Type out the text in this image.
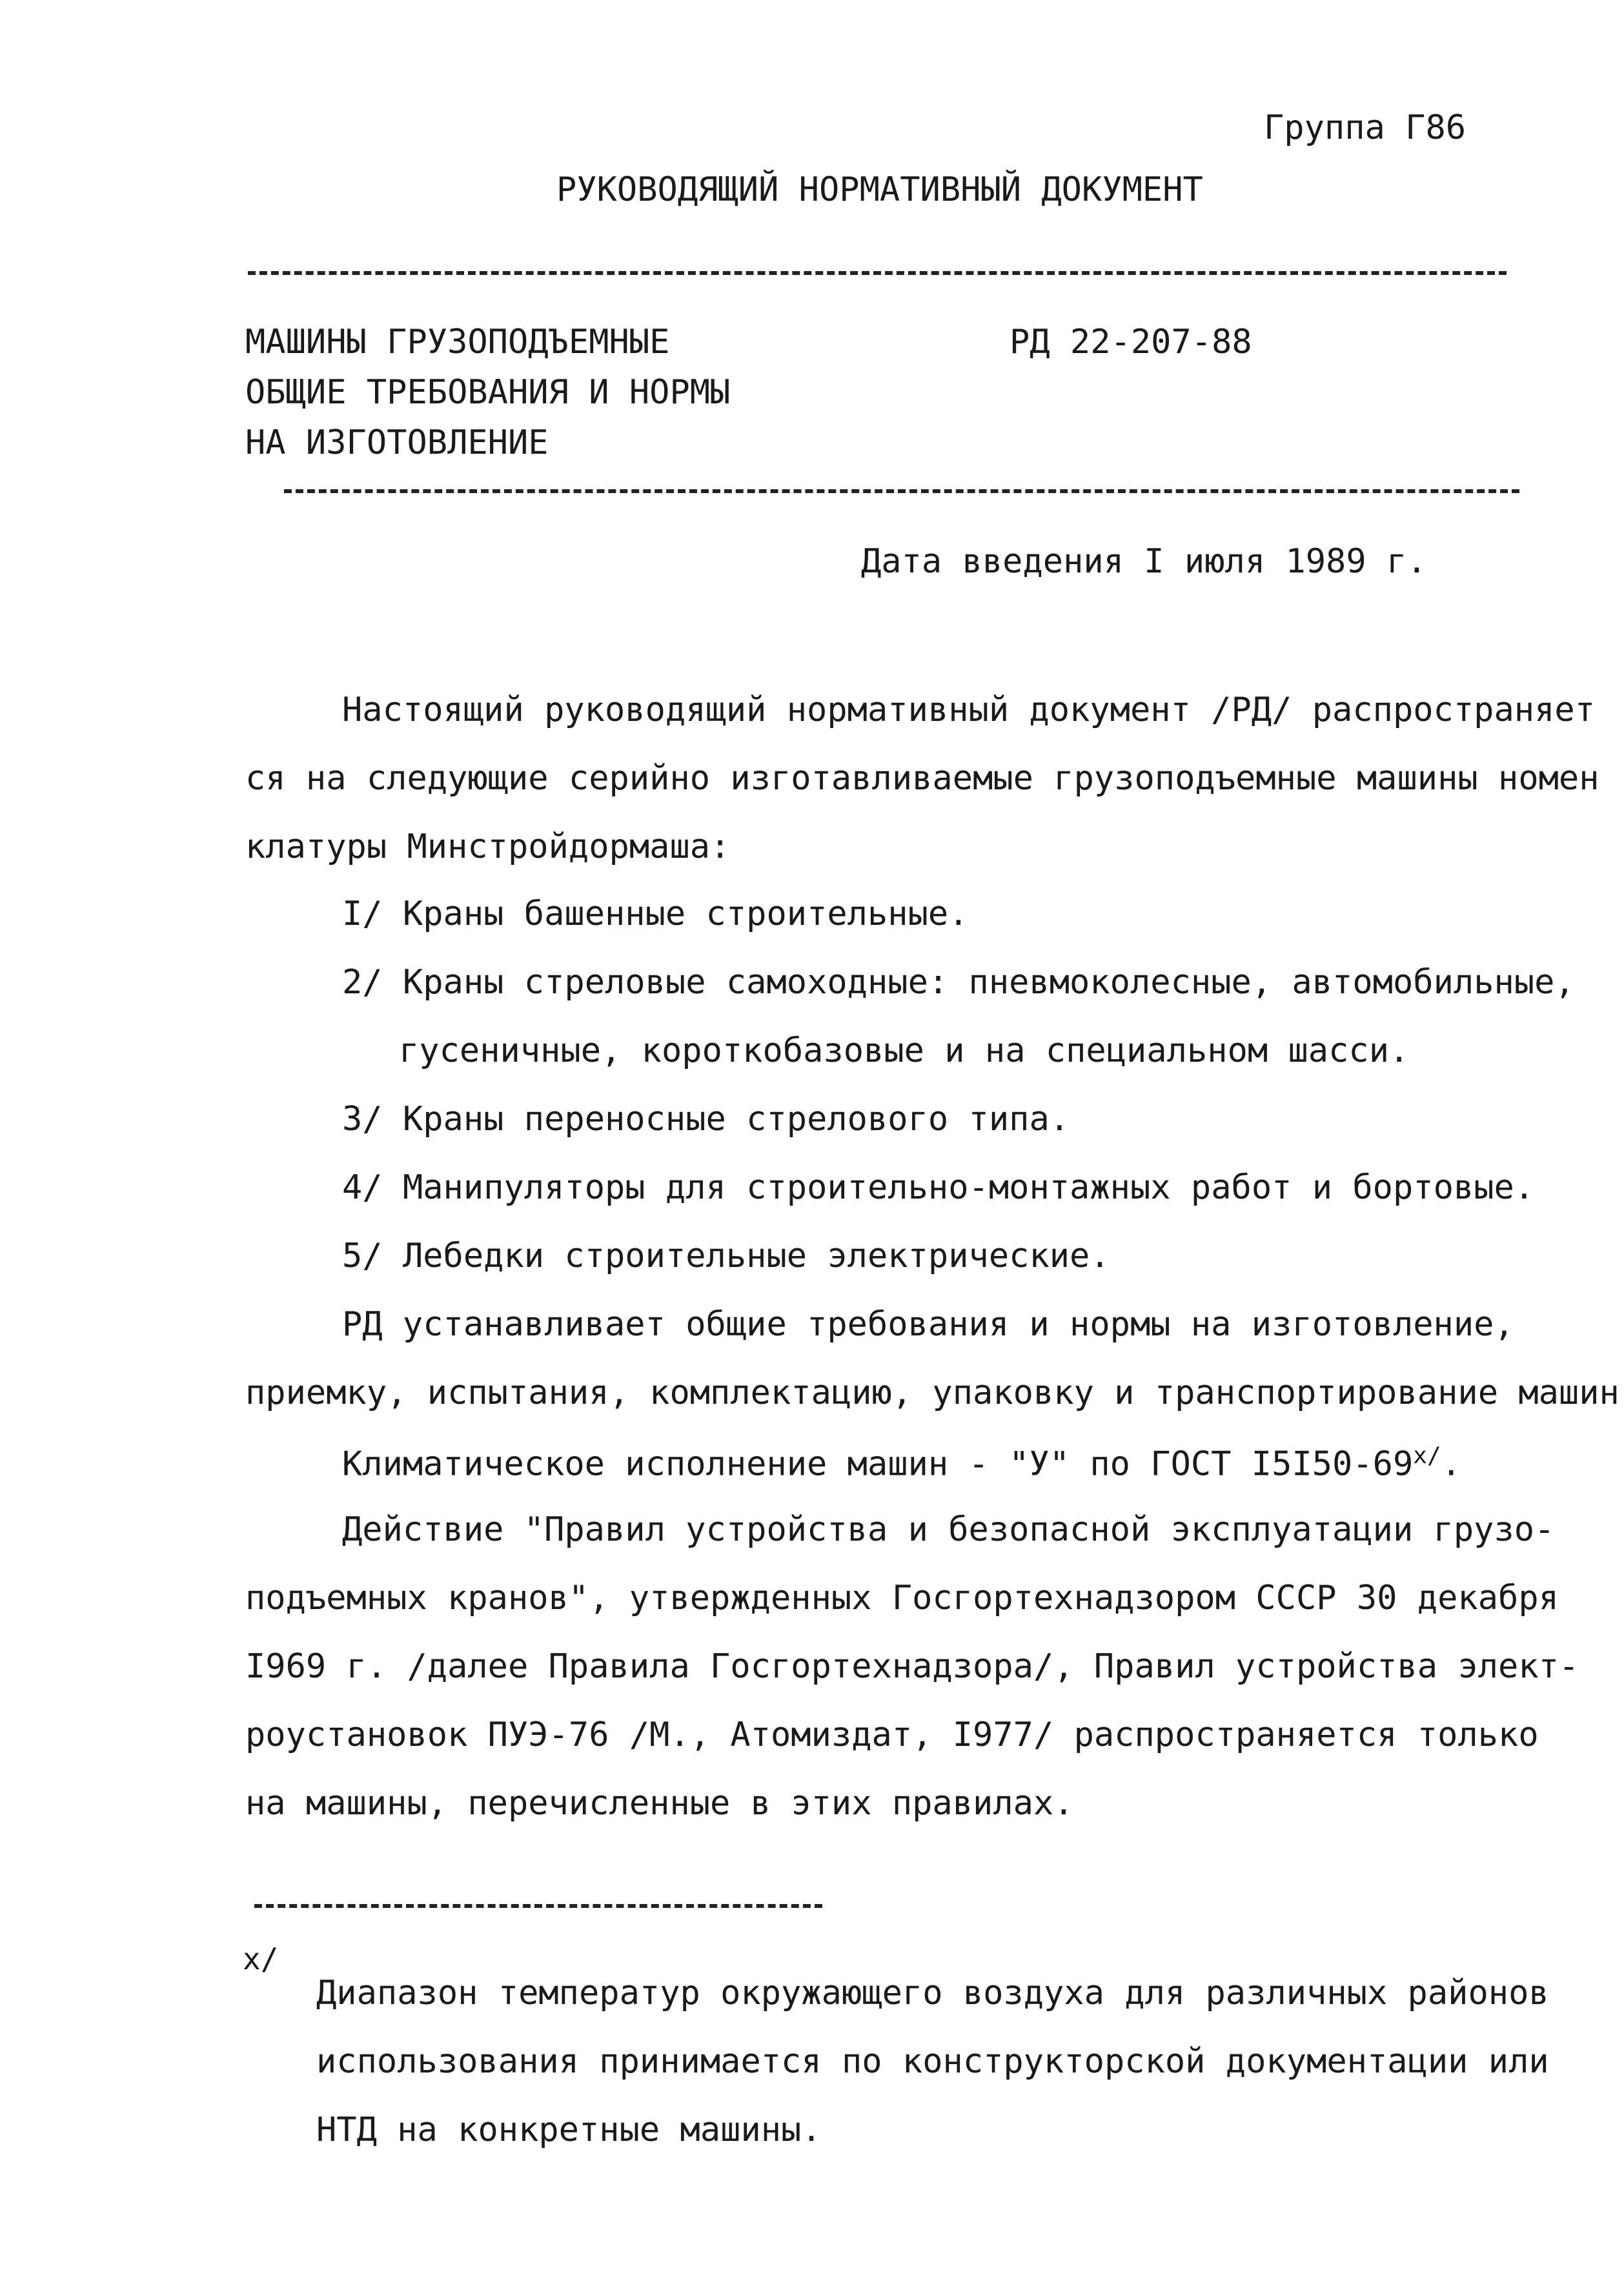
Группа Г86
РУКОВОДЯЩИЙ НОРМАТИВНЫЙ ДОКУМЕНТ
МАШИНЫ ГРУЗОПОДЪЕМНЫЕ
ОБЩИЕ ТРЕБОВАНИЯ И НОРМЫ
НА ИЗГОТОВЛЕНИЕ
РД 22-207-88
Дата введения I июля 1989 г.
Настоящий руководящий нормативный документ /РД/ распространяет
ся на следующие серийно изготавливаемые грузоподъемные машины номен
клатуры Минстройдормаша:
I/ Краны башенные строительные.
2/ Краны стреловые самоходные: пневмоколесные, автомобильные,
гусеничные, короткобазовые и на специальном шасси.
3/ Краны переносные стрелового типа.
4/ Манипуляторы для строительно-монтажных работ и бортовые.
5/ Лебедки строительные электрические.
РД устанавливает общие требования и нормы на изготовление,
приемку, испытания, комплектацию, упаковку и транспортирование машин
Климатическое исполнение машин - "У" по ГОСТ $I5I50-69^{х/}$.
Действие "Правил устройства и безопасной эксплуатации грузо-
подъемных кранов", утвержденных Госгортехнадзором СССР 30 декабря
I969 г. /далее Правила Госгортехнадзора/, Правил устройства элект-
роустановок ПУЭ-76 /М., Атомиздат, I977/ распространяется только
на машины, перечисленные в этих правилах.
х/
Диапазон температур окружающего воздуха для различных районов
использования принимается по конструкторской документации или
НТД на конкретные машины.
